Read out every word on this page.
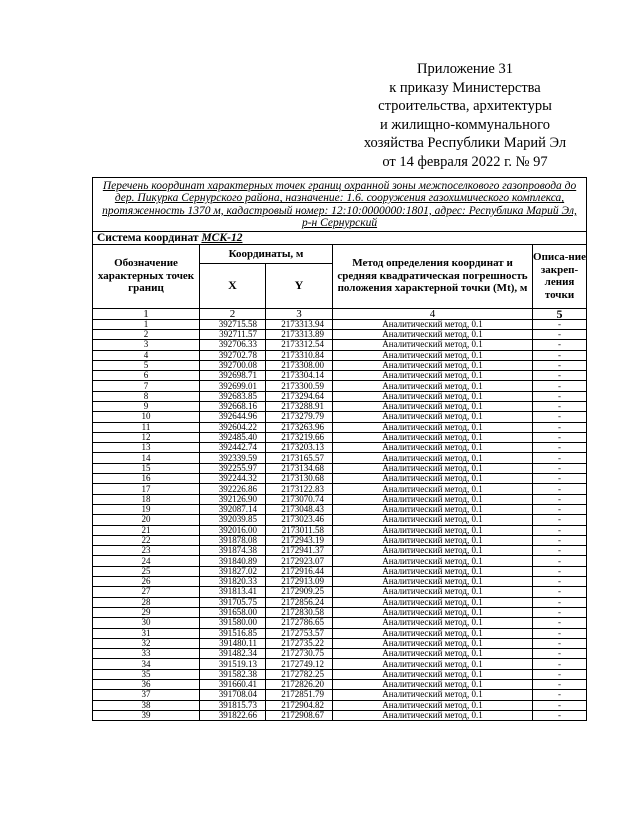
Приложение 31
к приказу Министерства
строительства, архитектуры
и жилищно-коммунального
хозяйства Республики Марий Эл
от 14 февраля 2022 г. № 97
Перечень координат характерных точек границ охранной зоны межпоселкового газопровода до дер. Пикурка Сернурского района, назначение: 1.6. сооружения газохимического комплекса, протяженность 1370 м, кадастровый номер: 12:10:0000000:1801, адрес: Республика Марий Эл, р-н Сернурский				
Система координат МСК-12				
Обозначение характерных точек границ	Координаты, м		Метод определения координат и средняя квадратическая погрешность положения характерной точки (Mt), м	Описа-ние закреп-ления точки
	X	Y		
1	2	3	4	5
1	392715.58	2173313.94	Аналитический метод, 0.1	-
2	392711.57	2173313.89	Аналитический метод, 0.1	-
3	392706.33	2173312.54	Аналитический метод, 0.1	-
4	392702.78	2173310.84	Аналитический метод, 0.1	-
5	392700.08	2173308.00	Аналитический метод, 0.1	-
6	392698.71	2173304.14	Аналитический метод, 0.1	-
7	392699.01	2173300.59	Аналитический метод, 0.1	-
8	392683.85	2173294.64	Аналитический метод, 0.1	-
9	392668.16	2173288.91	Аналитический метод, 0.1	-
10	392644.96	2173279.79	Аналитический метод, 0.1	-
11	392604.22	2173263.96	Аналитический метод, 0.1	-
12	392485.40	2173219.66	Аналитический метод, 0.1	-
13	392442.74	2173203.13	Аналитический метод, 0.1	-
14	392339.59	2173165.57	Аналитический метод, 0.1	-
15	392255.97	2173134.68	Аналитический метод, 0.1	-
16	392244.32	2173130.68	Аналитический метод, 0.1	-
17	392226.86	2173122.83	Аналитический метод, 0.1	-
18	392126.90	2173070.74	Аналитический метод, 0.1	-
19	392087.14	2173048.43	Аналитический метод, 0.1	-
20	392039.85	2173023.46	Аналитический метод, 0.1	-
21	392016.00	2173011.58	Аналитический метод, 0.1	-
22	391878.08	2172943.19	Аналитический метод, 0.1	-
23	391874.38	2172941.37	Аналитический метод, 0.1	-
24	391840.89	2172923.07	Аналитический метод, 0.1	-
25	391827.02	2172916.44	Аналитический метод, 0.1	-
26	391820.33	2172913.09	Аналитический метод, 0.1	-
27	391813.41	2172909.25	Аналитический метод, 0.1	-
28	391705.75	2172856.24	Аналитический метод, 0.1	-
29	391658.00	2172830.58	Аналитический метод, 0.1	-
30	391580.00	2172786.65	Аналитический метод, 0.1	-
31	391516.85	2172753.57	Аналитический метод, 0.1	-
32	391480.11	2172735.22	Аналитический метод, 0.1	-
33	391482.34	2172730.75	Аналитический метод, 0.1	-
34	391519.13	2172749.12	Аналитический метод, 0.1	-
35	391582.38	2172782.25	Аналитический метод, 0.1	-
36	391660.41	2172826.20	Аналитический метод, 0.1	-
37	391708.04	2172851.79	Аналитический метод, 0.1	-
38	391815.73	2172904.82	Аналитический метод, 0.1	-
39	391822.66	2172908.67	Аналитический метод, 0.1	-
